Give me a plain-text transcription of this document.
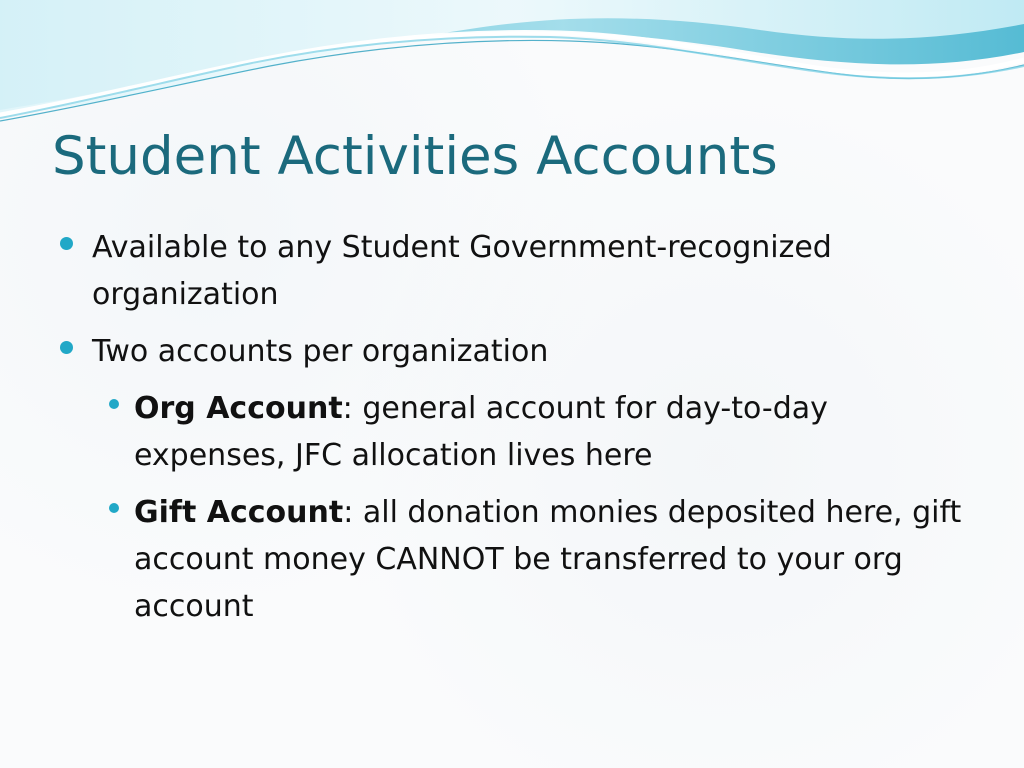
Student Activities Accounts

Available to any Student Government-recognized organization

Two accounts per organization

Org Account: general account for day-to-day expenses, JFC allocation lives here

Gift Account: all donation monies deposited here, gift account money CANNOT be transferred to your org account
